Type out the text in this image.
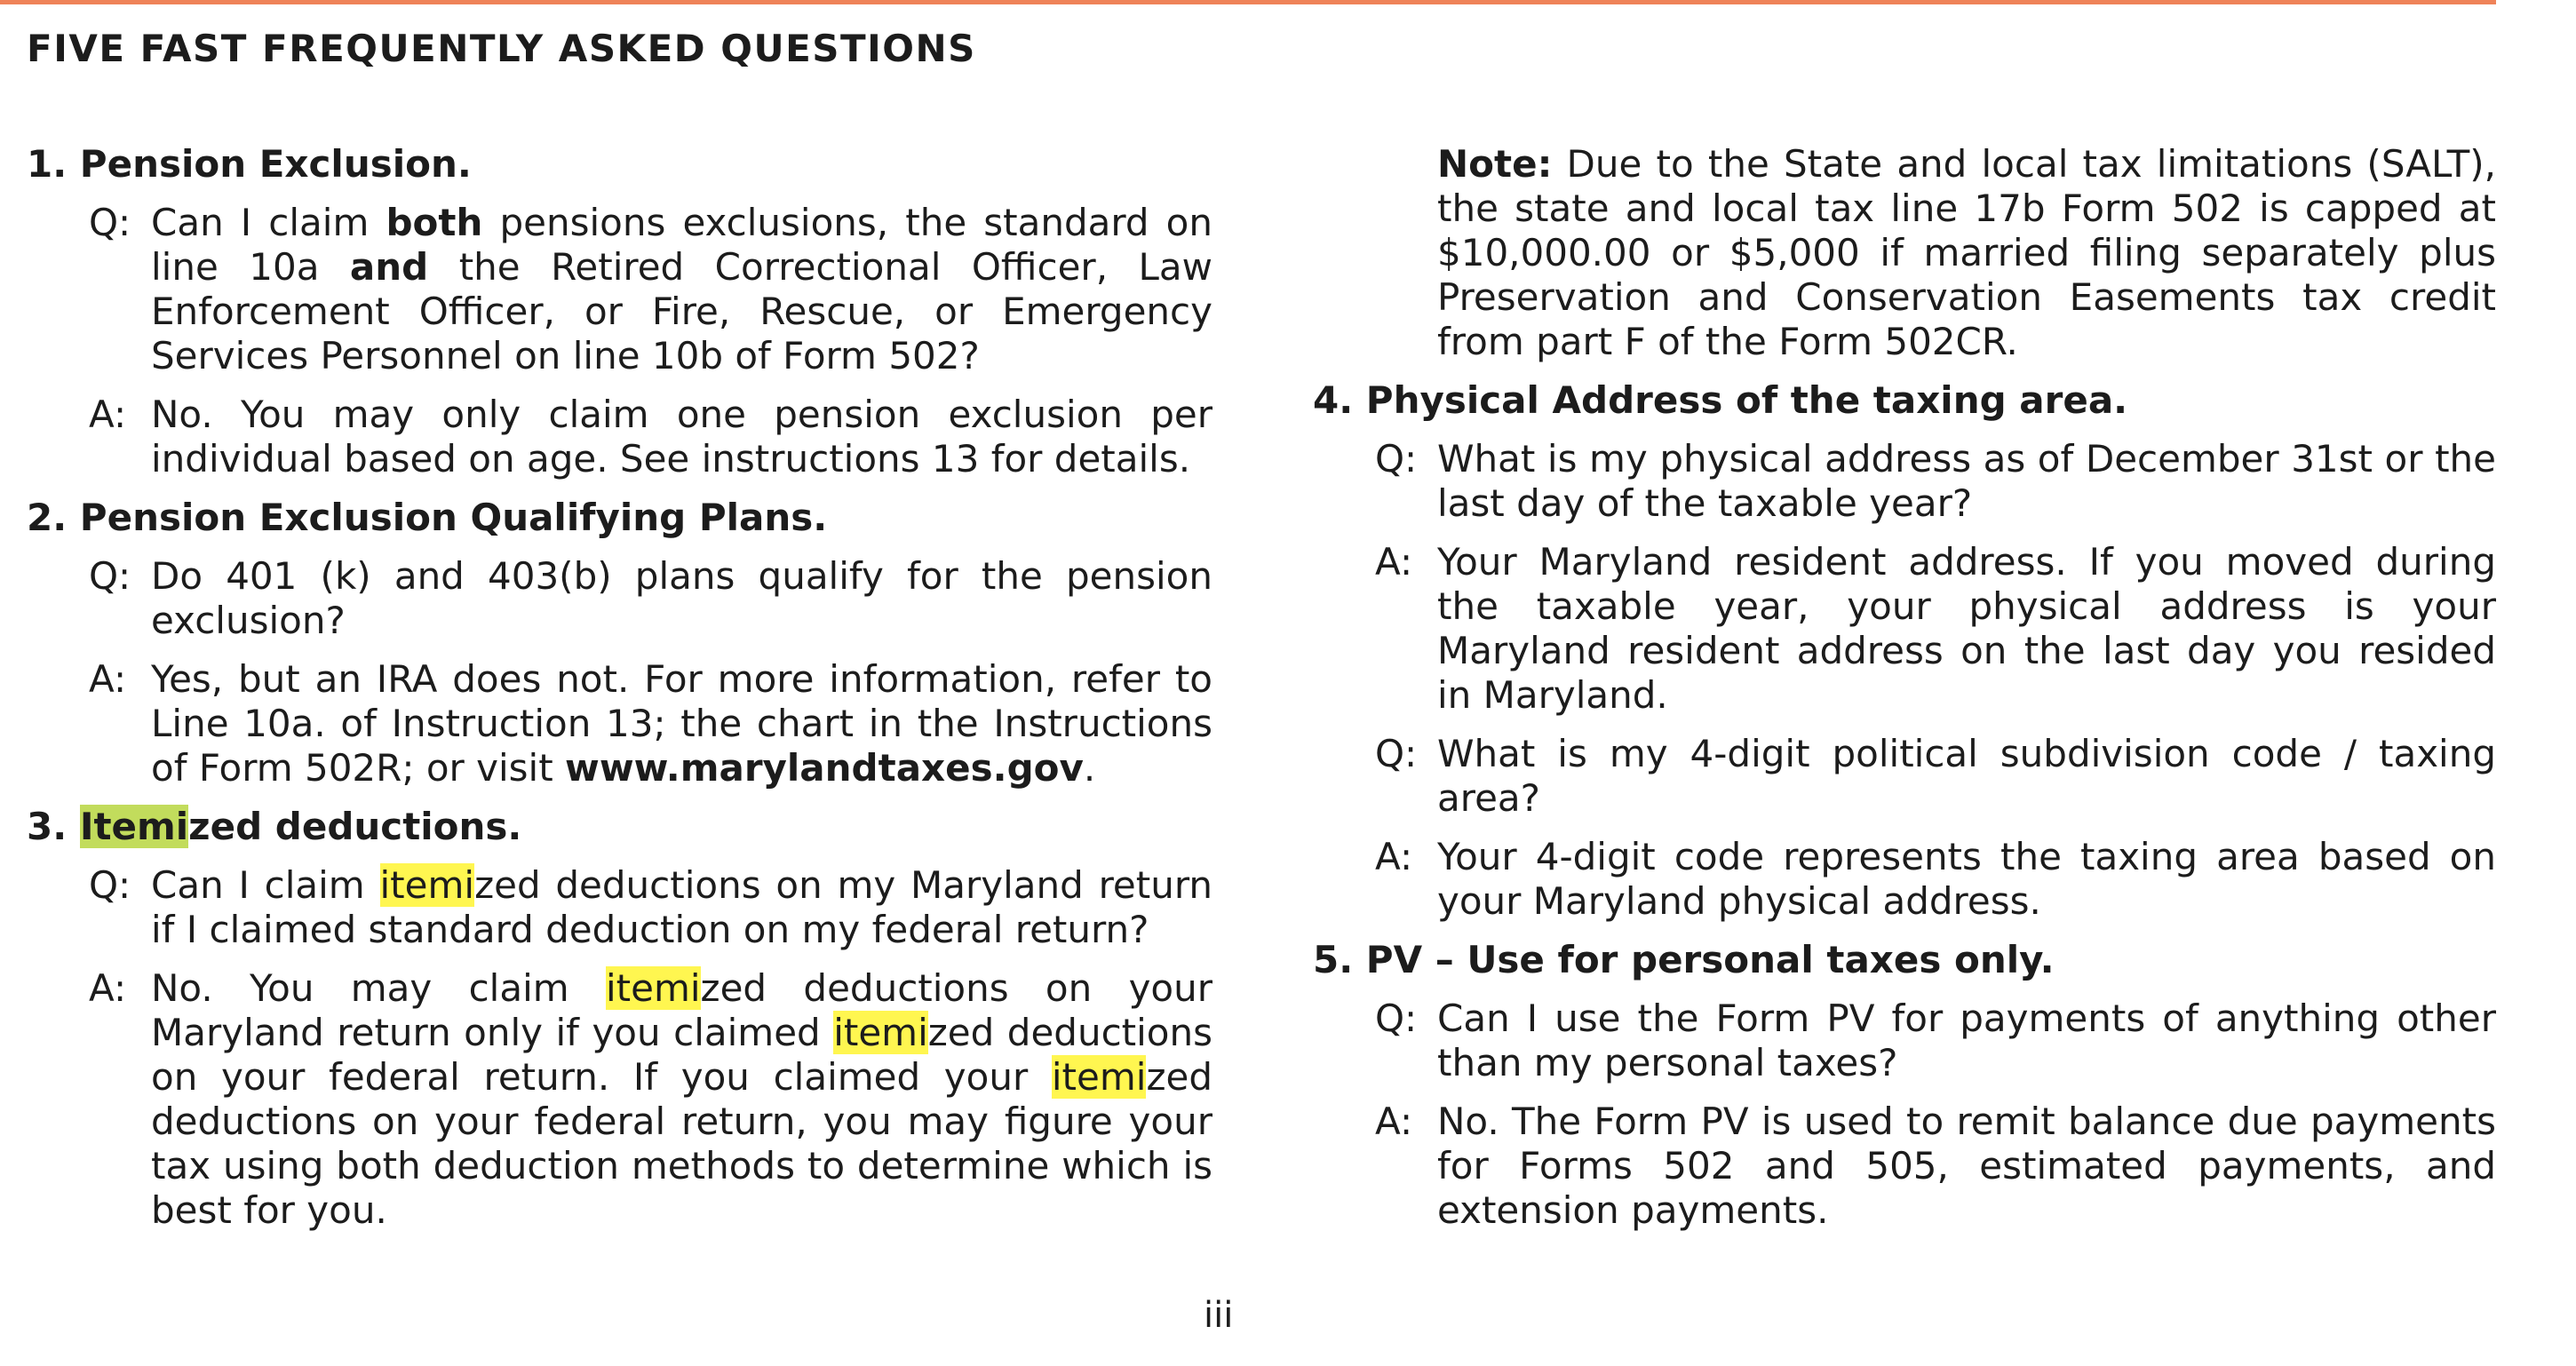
FIVE FAST FREQUENTLY ASKED QUESTIONS
1. Pension Exclusion.
Q: Can I claim both pensions exclusions, the standard on line 10a and the Retired Correctional Officer, Law Enforcement Officer, or Fire, Rescue, or Emergency Services Personnel on line 10b of Form 502?
A: No. You may only claim one pension exclusion per individual based on age. See instructions 13 for details.
2. Pension Exclusion Qualifying Plans.
Q: Do 401 (k) and 403(b) plans qualify for the pension exclusion?
A: Yes, but an IRA does not. For more information, refer to Line 10a. of Instruction 13; the chart in the Instructions of Form 502R; or visit www.marylandtaxes.gov.
3. Itemized deductions.
Q: Can I claim itemized deductions on my Maryland return if I claimed standard deduction on my federal return?
A: No. You may claim itemized deductions on your Maryland return only if you claimed itemized deductions on your federal return. If you claimed your itemized deductions on your federal return, you may figure your tax using both deduction methods to determine which is best for you.
Note: Due to the State and local tax limitations (SALT), the state and local tax line 17b Form 502 is capped at $10,000.00 or $5,000 if married filing separately plus Preservation and Conservation Easements tax credit from part F of the Form 502CR.
4. Physical Address of the taxing area.
Q: What is my physical address as of December 31st or the last day of the taxable year?
A: Your Maryland resident address. If you moved during the taxable year, your physical address is your Maryland resident address on the last day you resided in Maryland.
Q: What is my 4-digit political subdivision code / taxing area?
A: Your 4-digit code represents the taxing area based on your Maryland physical address.
5. PV – Use for personal taxes only.
Q: Can I use the Form PV for payments of anything other than my personal taxes?
A: No. The Form PV is used to remit balance due payments for Forms 502 and 505, estimated payments, and extension payments.
iii
